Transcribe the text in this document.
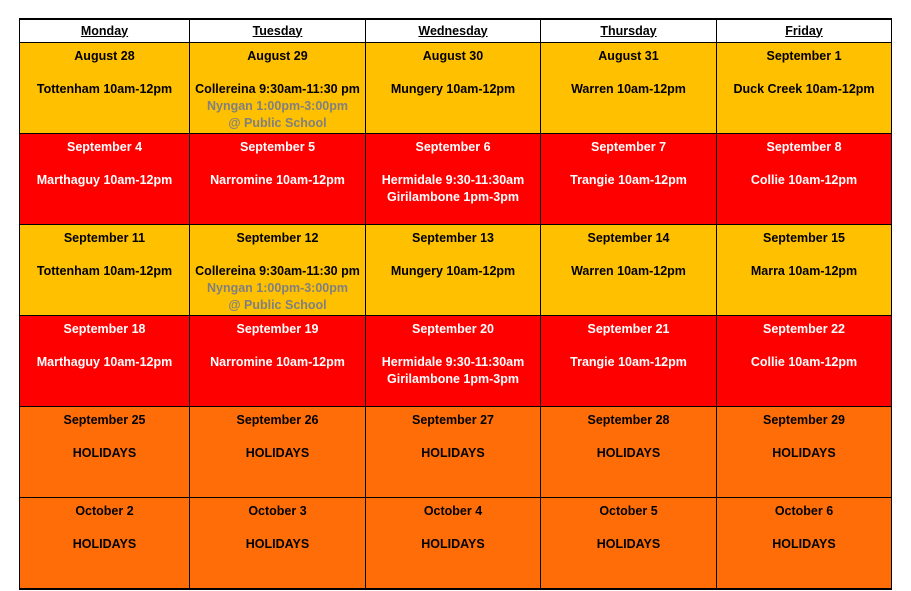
Monday	Tuesday	Wednesday	Thursday	Friday

August 28
Tottenham 10am-12pm	August 29
Collereina 9:30am-11:30 pm
Nyngan 1:00pm-3:00pm
@ Public School	August 30
Mungery 10am-12pm	August 31
Warren 10am-12pm	September 1
Duck Creek 10am-12pm

September 4
Marthaguy 10am-12pm	September 5
Narromine 10am-12pm	September 6
Hermidale 9:30-11:30am
Girilambone 1pm-3pm	September 7
Trangie 10am-12pm	September 8
Collie 10am-12pm

September 11
Tottenham 10am-12pm	September 12
Collereina 9:30am-11:30 pm
Nyngan 1:00pm-3:00pm
@ Public School	September 13
Mungery 10am-12pm	September 14
Warren 10am-12pm	September 15
Marra 10am-12pm

September 18
Marthaguy 10am-12pm	September 19
Narromine 10am-12pm	September 20
Hermidale 9:30-11:30am
Girilambone 1pm-3pm	September 21
Trangie 10am-12pm	September 22
Collie 10am-12pm

September 25
HOLIDAYS	September 26
HOLIDAYS	September 27
HOLIDAYS	September 28
HOLIDAYS	September 29
HOLIDAYS

October 2
HOLIDAYS	October 3
HOLIDAYS	October 4
HOLIDAYS	October 5
HOLIDAYS	October 6
HOLIDAYS
